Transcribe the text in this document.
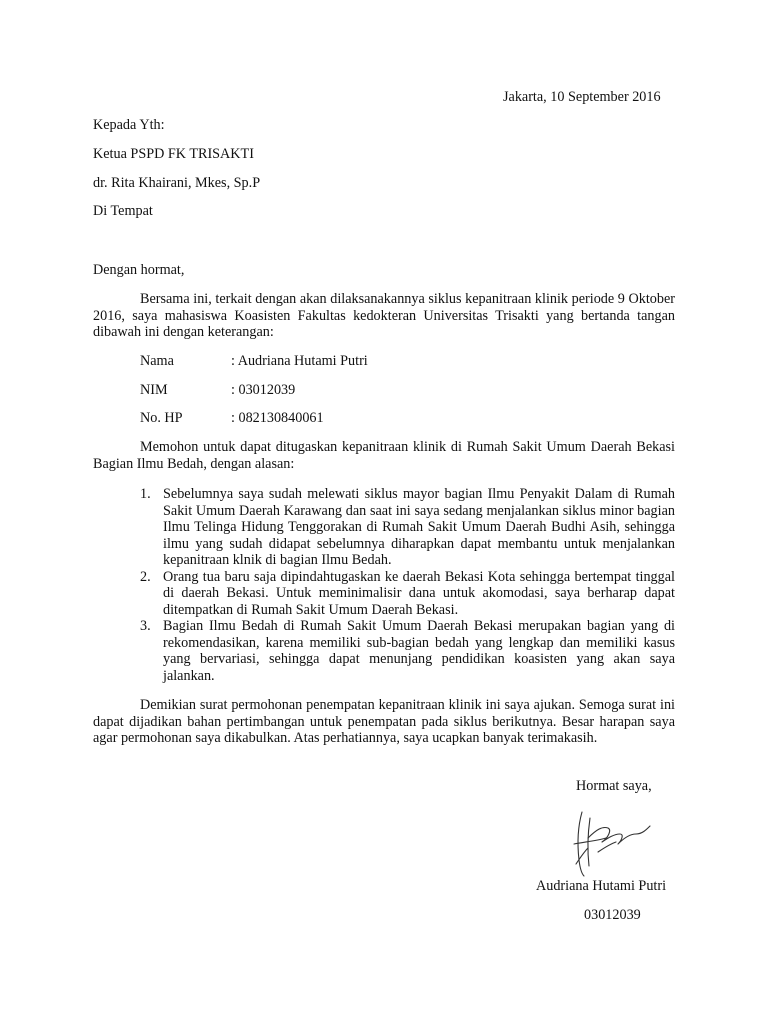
Jakarta, 10 September 2016
Kepada Yth:
Ketua PSPD FK TRISAKTI
dr. Rita Khairani, Mkes, Sp.P
Di Tempat
Dengan hormat,
Bersama ini, terkait dengan akan dilaksanakannya siklus kepanitraan klinik periode 9 Oktober 2016, saya mahasiswa Koasisten Fakultas kedokteran Universitas Trisakti yang bertanda tangan dibawah ini dengan keterangan:
Nama	: Audriana Hutami Putri
NIM	: 03012039
No. HP	: 082130840061
Memohon untuk dapat ditugaskan kepanitraan klinik di Rumah Sakit Umum Daerah Bekasi Bagian Ilmu Bedah, dengan alasan:
1. Sebelumnya saya sudah melewati siklus mayor bagian Ilmu Penyakit Dalam di Rumah Sakit Umum Daerah Karawang dan saat ini saya sedang menjalankan siklus minor bagian Ilmu Telinga Hidung Tenggorakan di Rumah Sakit Umum Daerah Budhi Asih, sehingga ilmu yang sudah didapat sebelumnya diharapkan dapat membantu untuk menjalankan kepanitraan klnik di bagian Ilmu Bedah.
2. Orang tua baru saja dipindahtugaskan ke daerah Bekasi Kota sehingga bertempat tinggal di daerah Bekasi. Untuk meminimalisir dana untuk akomodasi, saya berharap dapat ditempatkan di Rumah Sakit Umum Daerah Bekasi.
3. Bagian Ilmu Bedah di Rumah Sakit Umum Daerah Bekasi merupakan bagian yang di rekomendasikan, karena memiliki sub-bagian bedah yang lengkap dan memiliki kasus yang bervariasi, sehingga dapat menunjang pendidikan koasisten yang akan saya jalankan.
Demikian surat permohonan penempatan kepanitraan klinik ini saya ajukan. Semoga surat ini dapat dijadikan bahan pertimbangan untuk penempatan pada siklus berikutnya. Besar harapan saya agar permohonan saya dikabulkan. Atas perhatiannya, saya ucapkan banyak terimakasih.
Hormat saya,
Audriana Hutami Putri
03012039
